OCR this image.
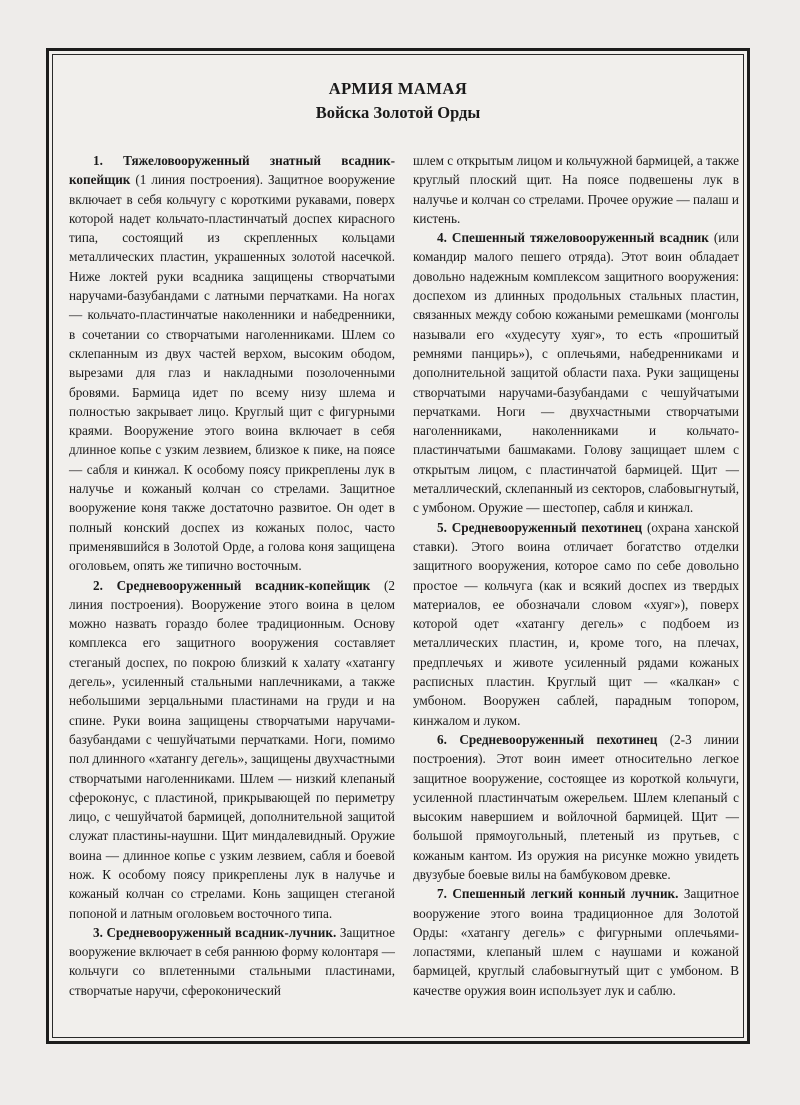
АРМИЯ МАМАЯ
Войска Золотой Орды

1. Тяжеловооруженный знатный всадник-копейщик (1 линия построения). Защитное вооружение включает в себя кольчугу с короткими рукавами, поверх которой надет кольчато-пластинчатый доспех кирасного типа, состоящий из скрепленных кольцами металлических пластин, украшенных золотой насечкой. Ниже локтей руки всадника защищены створчатыми наручами-базубандами с латными перчатками. На ногах — кольчато-пластинчатые наколенники и набедренники, в сочетании со створчатыми наголенниками. Шлем со склепанным из двух частей верхом, высоким ободом, вырезами для глаз и накладными позолоченными бровями. Бармица идет по всему низу шлема и полностью закрывает лицо. Круглый щит с фигурными краями. Вооружение этого воина включает в себя длинное копье с узким лезвием, близкое к пике, на поясе — сабля и кинжал. К особому поясу прикреплены лук в налучье и кожаный колчан со стрелами. Защитное вооружение коня также достаточно развитое. Он одет в полный конский доспех из кожаных полос, часто применявшийся в Золотой Орде, а голова коня защищена оголовьем, опять же типично восточным.

2. Средневооруженный всадник-копейщик (2 линия построения). Вооружение этого воина в целом можно назвать гораздо более традиционным. Основу комплекса его защитного вооружения составляет стеганый доспех, по покрою близкий к халату «хатангу дегель», усиленный стальными наплечниками, а также небольшими зерцальными пластинами на груди и на спине. Руки воина защищены створчатыми наручами-базубандами с чешуйчатыми перчатками. Ноги, помимо пол длинного «хатангу дегель», защищены двухчастными створчатыми наголенниками. Шлем — низкий клепаный сфероконус, с пластиной, прикрывающей по периметру лицо, с чешуйчатой бармицей, дополнительной защитой служат пластины-наушни. Щит миндалевидный. Оружие воина — длинное копье с узким лезвием, сабля и боевой нож. К особому поясу прикреплены лук в налучье и кожаный колчан со стрелами. Конь защищен стеганой попоной и латным оголовьем восточного типа.

3. Средневооруженный всадник-лучник. Защитное вооружение включает в себя раннюю форму колонтаря — кольчуги со вплетенными стальными пластинами, створчатые наручи, сфероконический

шлем с открытым лицом и кольчужной бармицей, а также круглый плоский щит. На поясе подвешены лук в налучье и колчан со стрелами. Прочее оружие — палаш и кистень.

4. Спешенный тяжеловооруженный всадник (или командир малого пешего отряда). Этот воин обладает довольно надежным комплексом защитного вооружения: доспехом из длинных продольных стальных пластин, связанных между собою кожаными ремешками (монголы называли его «худесуту хуяг», то есть «прошитый ремнями панцирь»), с оплечьями, набедренниками и дополнительной защитой области паха. Руки защищены створчатыми наручами-базубандами с чешуйчатыми перчатками. Ноги — двухчастными створчатыми наголенниками, наколенниками и кольчато-пластинчатыми башмаками. Голову защищает шлем с открытым лицом, с пластинчатой бармицей. Щит — металлический, склепанный из секторов, слабовыгнутый, с умбоном. Оружие — шестопер, сабля и кинжал.

5. Средневооруженный пехотинец (охрана ханской ставки). Этого воина отличает богатство отделки защитного вооружения, которое само по себе довольно простое — кольчуга (как и всякий доспех из твердых материалов, ее обозначали словом «хуяг»), поверх которой одет «хатангу дегель» с подбоем из металлических пластин, и, кроме того, на плечах, предплечьях и животе усиленный рядами кожаных расписных пластин. Круглый щит — «калкан» с умбоном. Вооружен саблей, парадным топором, кинжалом и луком.

6. Средневооруженный пехотинец (2-3 линии построения). Этот воин имеет относительно легкое защитное вооружение, состоящее из короткой кольчуги, усиленной пластинчатым ожерельем. Шлем клепаный с высоким навершием и войлочной бармицей. Щит — большой прямоугольный, плетеный из прутьев, с кожаным кантом. Из оружия на рисунке можно увидеть двузубые боевые вилы на бамбуковом древке.

7. Спешенный легкий конный лучник. Защитное вооружение этого воина традиционное для Золотой Орды: «хатангу дегель» с фигурными оплечьями-лопастями, клепаный шлем с наушами и кожаной бармицей, круглый слабовыгнутый щит с умбоном. В качестве оружия воин использует лук и саблю.
